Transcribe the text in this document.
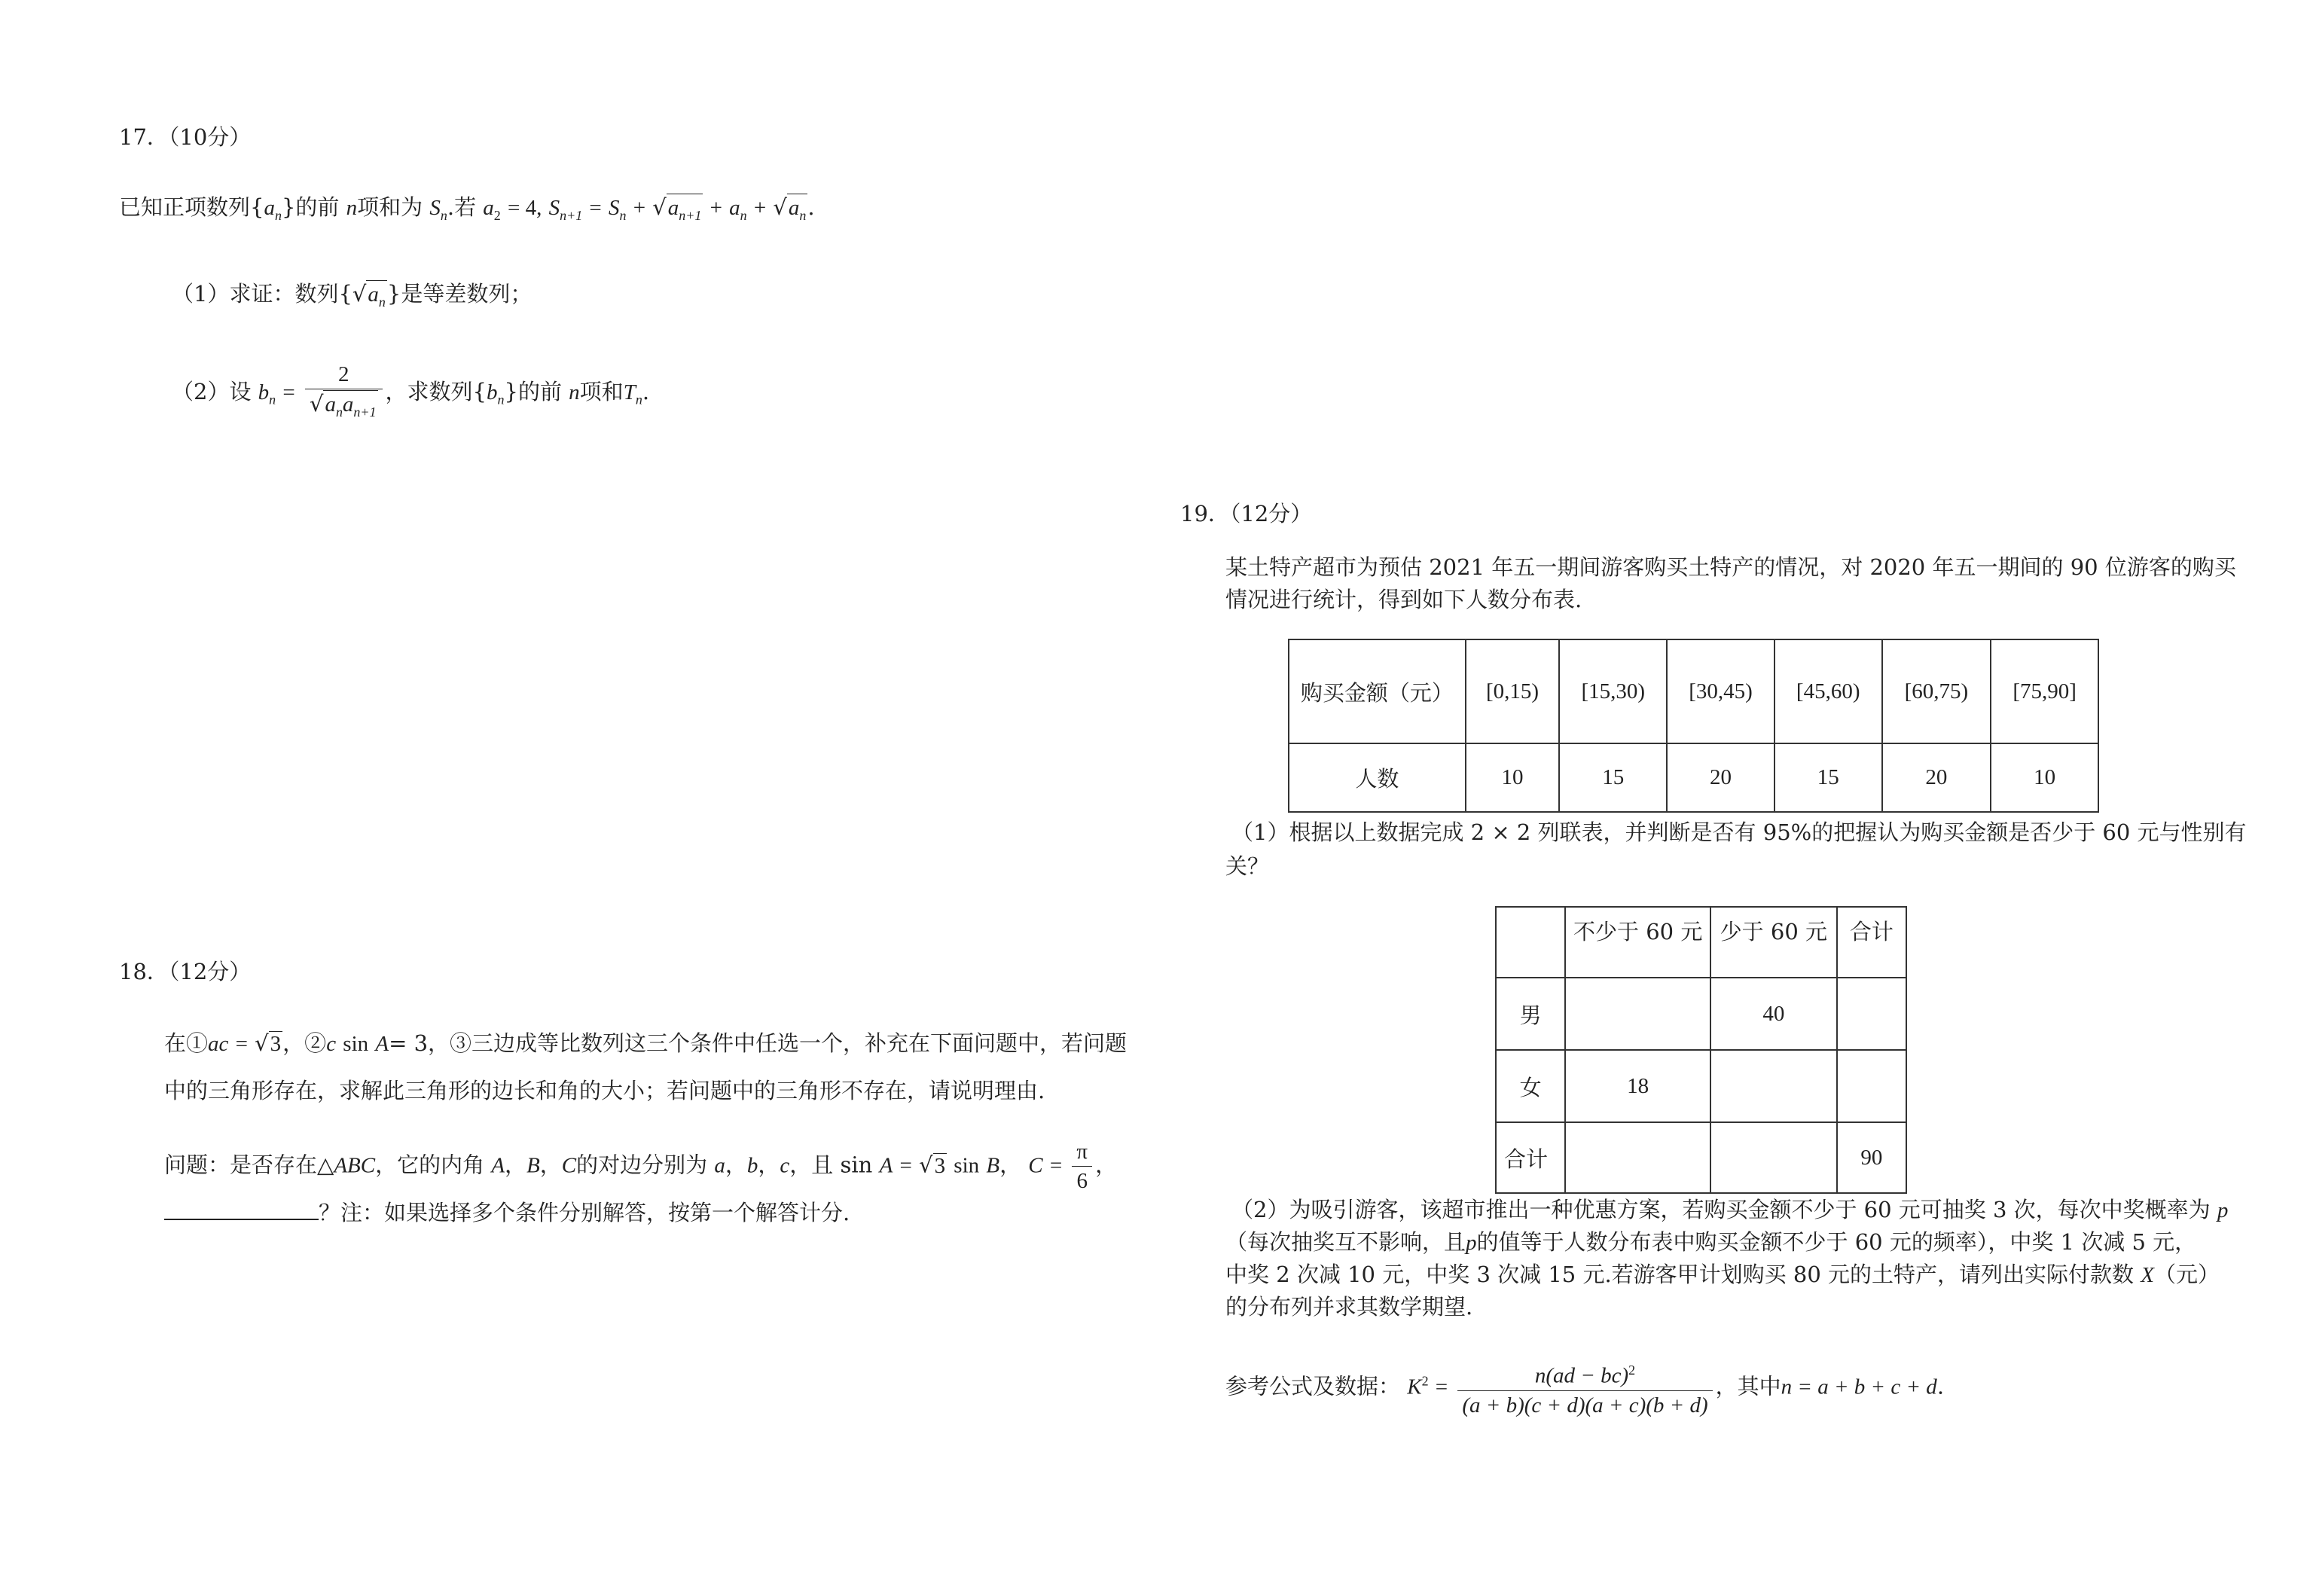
17．（10分）
已知正项数列$\{a_n\}$的前 n项和为 $S_n$.若 $a_2 = 4$, $S_{n+1} = S_n + √a_{n+1} + a_n + √a_n$.
（1）求证：数列$\{√a_n\}$是等差数列；
（2）设 $b_n = \frac{2}{√a_na_{n+1}}$ ，求数列$\{b_n\}$的前 n项和$T_n$.
18．（12分）
在①ac = √3，②c sin A= 3，③三边成等比数列这三个条件中任选一个，补充在下面问题中，若问题
中的三角形存在，求解此三角形的边长和角的大小；若问题中的三角形不存在，请说明理由.
问题：是否存在△ABC，它的内角 A，B，C的对边分别为 a，b，c，且 sin A = √3 sin B， $C = \frac{\pi}{6}$ ，
？注：如果选择多个条件分别解答，按第一个解答计分.
19．（12分）
某土特产超市为预估 2021 年五一期间游客购买土特产的情况，对 2020 年五一期间的 90 位游客的购买
情况进行统计，得到如下人数分布表.
购买金额（元）	[0,15)	[15,30)	[30,45)	[45,60)	[60,75)	[75,90]
人数	10	15	20	15	20	10
（1）根据以上数据完成 2 × 2 列联表，并判断是否有 95%的把握认为购买金额是否少于 60 元与性别有
关？
	不少于 60 元	少于 60 元	合计
男		40	
女	18		
合计			90
（2）为吸引游客，该超市推出一种优惠方案，若购买金额不少于 60 元可抽奖 3 次，每次中奖概率为 p
（每次抽奖互不影响，且p的值等于人数分布表中购买金额不少于 60 元的频率），中奖 1 次减 5 元，
中奖 2 次减 10 元，中奖 3 次减 15 元.若游客甲计划购买 80 元的土特产，请列出实际付款数 X（元）
的分布列并求其数学期望.
参考公式及数据： $K^2 = \frac{n(ad - bc)^2}{(a + b)(c + d)(a + c)(b + d)}$ ，其中n = a + b + c + d.
